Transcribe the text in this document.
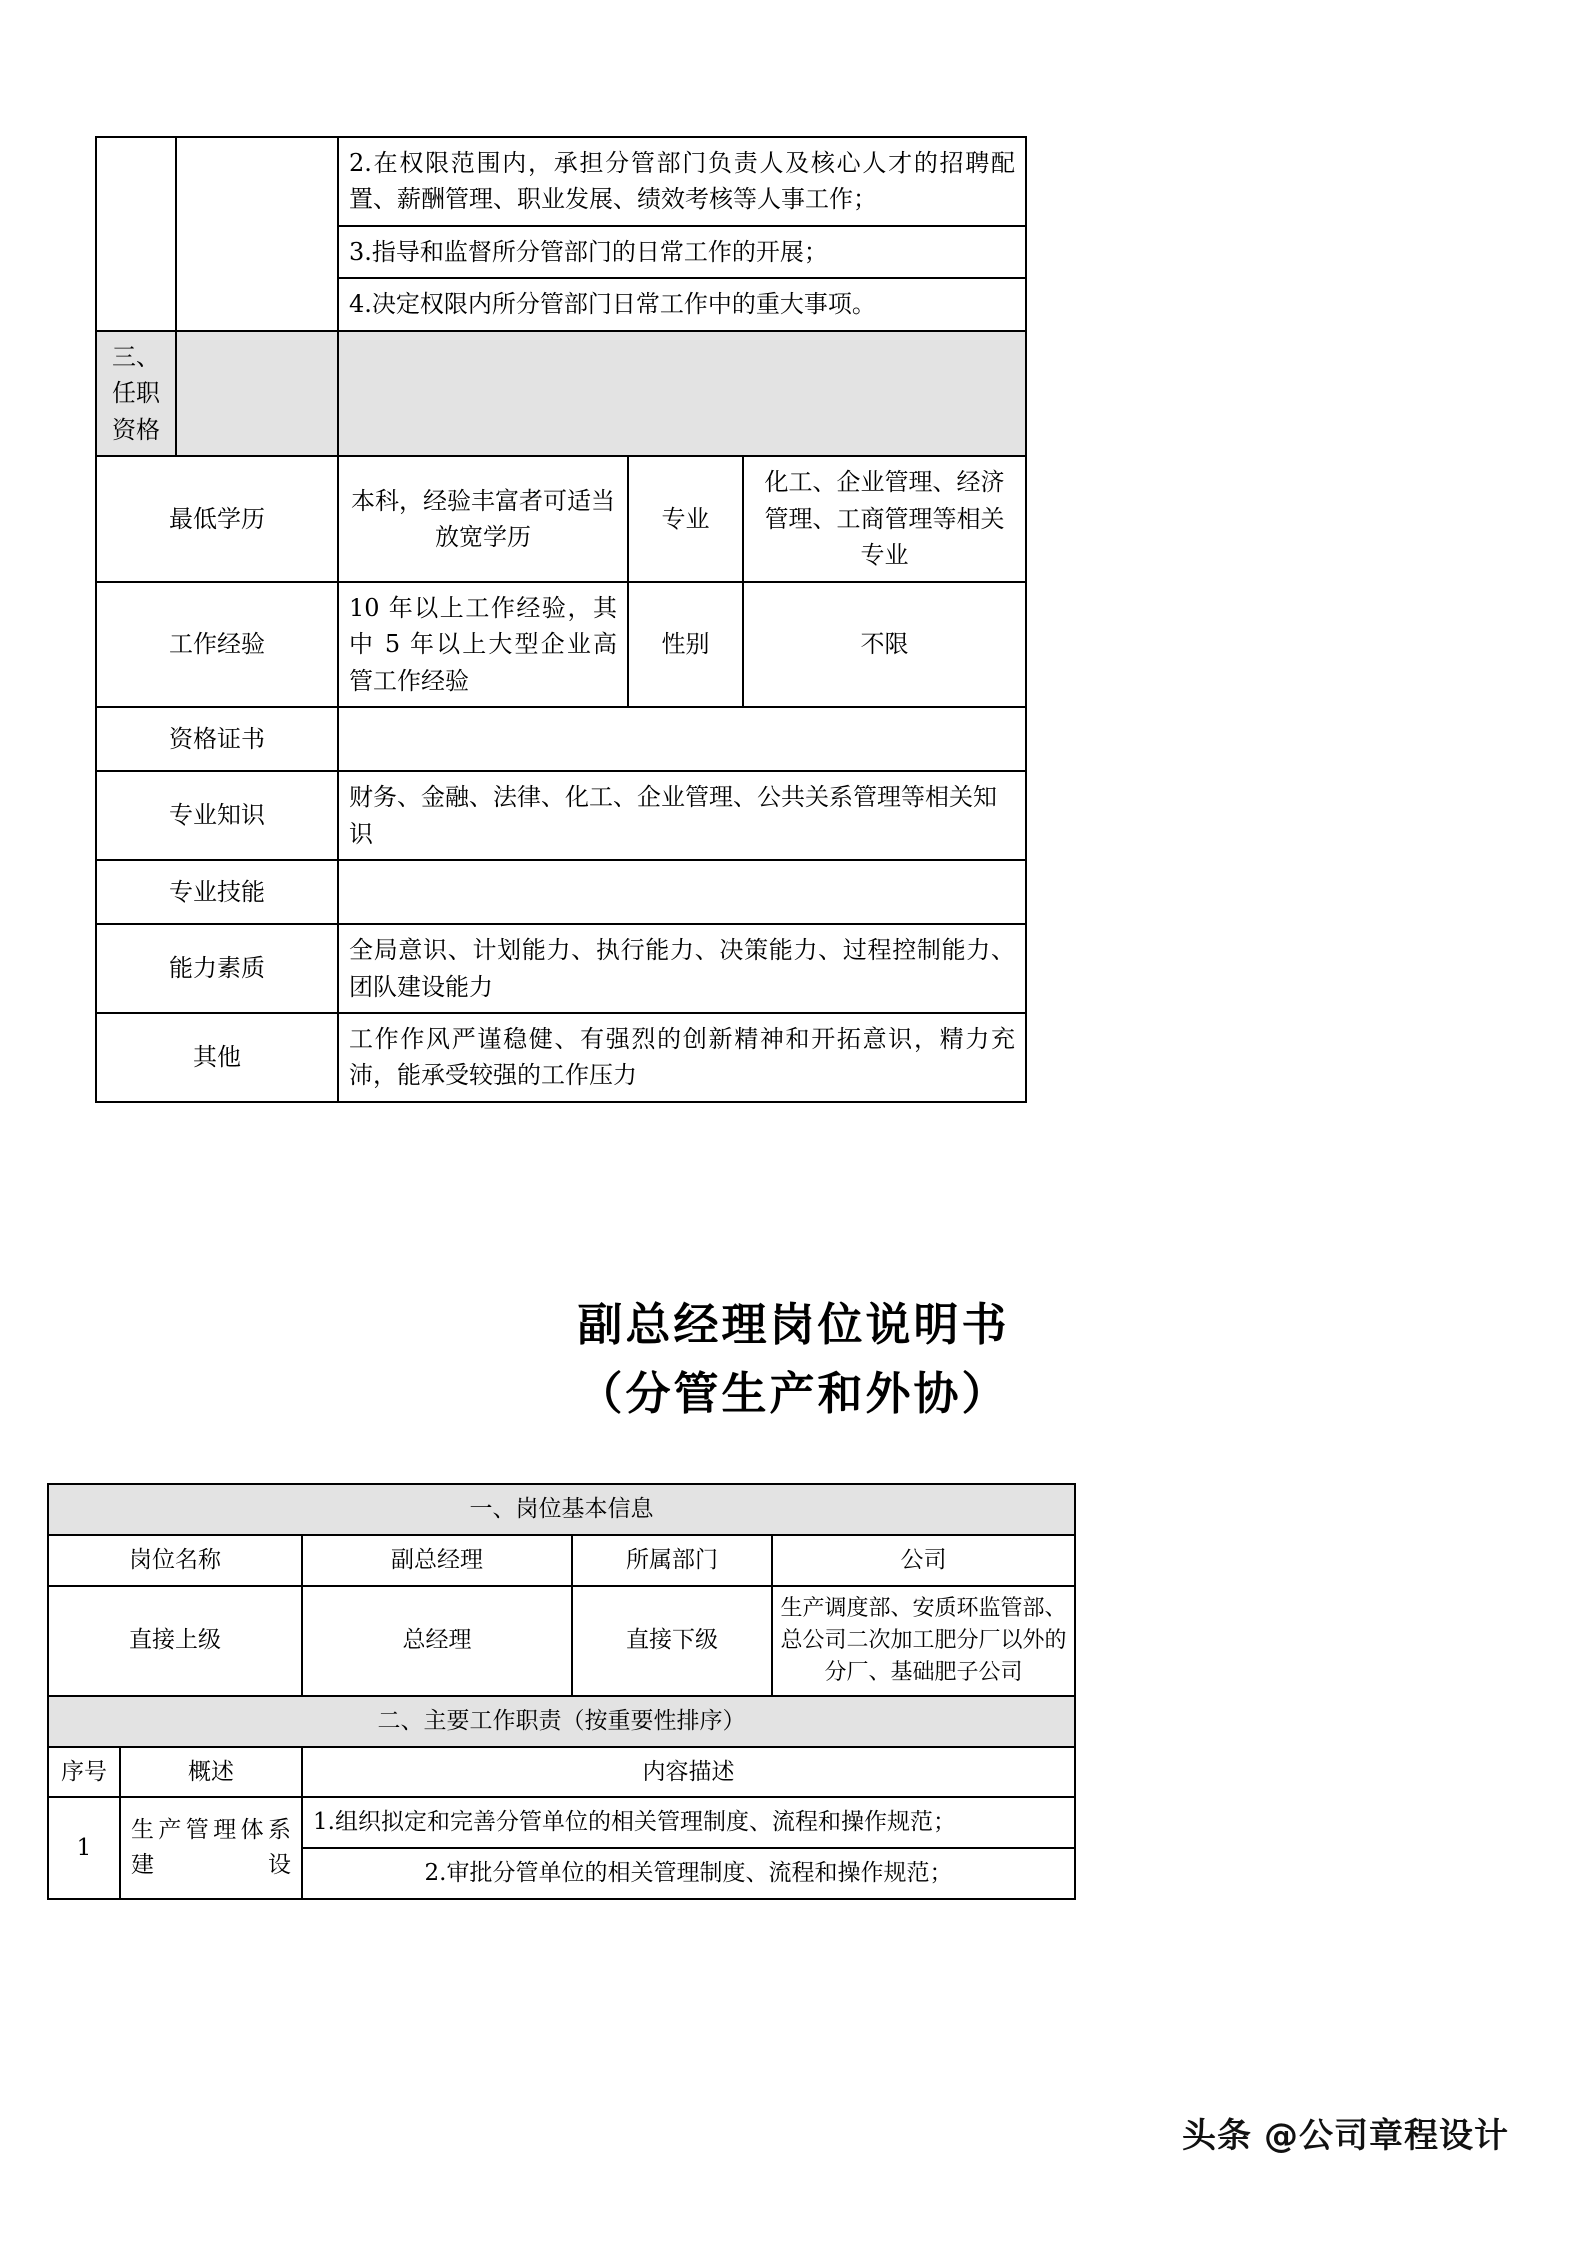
		2.在权限范围内，承担分管部门负责人及核心人才的招聘配置、薪酬管理、职业发展、绩效考核等人事工作；		
		3.指导和监督所分管部门的日常工作的开展；		
		4.决定权限内所分管部门日常工作中的重大事项。		

三、
任职
资格				

最低学历		本科，经验丰富者可适当放宽学历	专业	化工、企业管理、经济管理、工商管理等相关专业
工作经验		10 年以上工作经验，其中 5 年以上大型企业高管工作经验	性别	不限
资格证书				
专业知识		财务、金融、法律、化工、企业管理、公共关系管理等相关知识		
专业技能				
能力素质		全局意识、计划能力、执行能力、决策能力、过程控制能力、团队建设能力		
其他		工作作风严谨稳健、有强烈的创新精神和开拓意识，精力充沛，能承受较强的工作压力		
副总经理岗位说明书
（分管生产和外协）
一、岗位基本信息				
岗位名称		副总经理	所属部门	公司
直接上级		总经理	直接下级	生产调度部、安质环监管部、总公司二次加工肥分厂以外的分厂、基础肥子公司
二、主要工作职责（按重要性排序）				
序号	概述	内容描述		
1	生产管理体系建设	1.组织拟定和完善分管单位的相关管理制度、流程和操作规范；		
		2.审批分管单位的相关管理制度、流程和操作规范；		
头条 @公司章程设计
